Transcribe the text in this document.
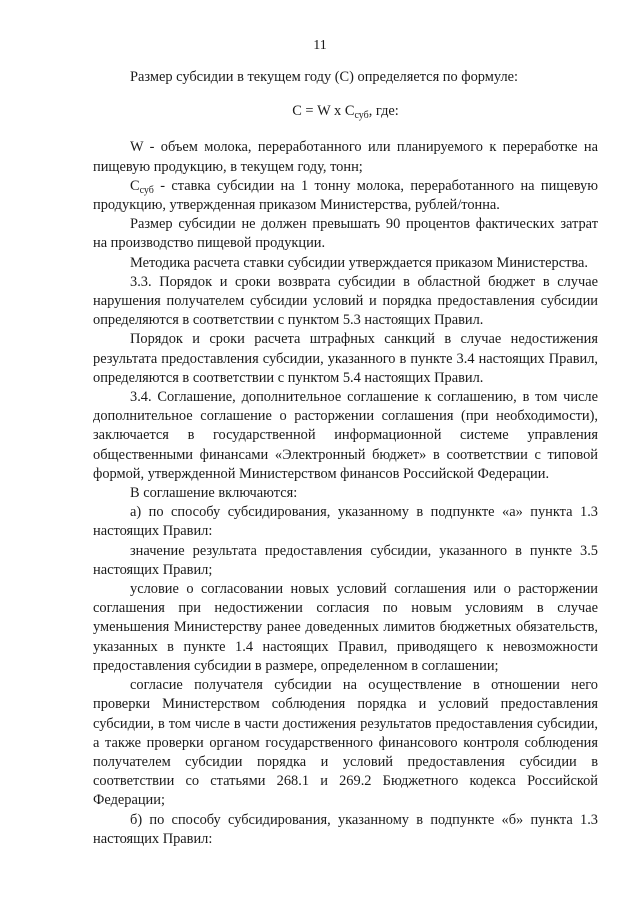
11

Размер субсидии в текущем году (С) определяется по формуле:

С = W x $С_{суб}$, где:

W - объем молока, переработанного или планируемого к переработке на пищевую продукцию, в текущем году, тонн;

$С_{суб}$ - ставка субсидии на 1 тонну молока, переработанного на пищевую продукцию, утвержденная приказом Министерства, рублей/тонна.

Размер субсидии не должен превышать 90 процентов фактических затрат на производство пищевой продукции.

Методика расчета ставки субсидии утверждается приказом Министерства.

3.3. Порядок и сроки возврата субсидии в областной бюджет в случае нарушения получателем субсидии условий и порядка предоставления субсидии определяются в соответствии с пунктом 5.3 настоящих Правил.

Порядок и сроки расчета штрафных санкций в случае недостижения результата предоставления субсидии, указанного в пункте 3.4 настоящих Правил, определяются в соответствии с пунктом 5.4 настоящих Правил.

3.4. Соглашение, дополнительное соглашение к соглашению, в том числе дополнительное соглашение о расторжении соглашения (при необходимости), заключается в государственной информационной системе управления общественными финансами «Электронный бюджет» в соответствии с типовой формой, утвержденной Министерством финансов Российской Федерации.

В соглашение включаются:

а) по способу субсидирования, указанному в подпункте «а» пункта 1.3 настоящих Правил:

значение результата предоставления субсидии, указанного в пункте 3.5 настоящих Правил;

условие о согласовании новых условий соглашения или о расторжении соглашения при недостижении согласия по новым условиям в случае уменьшения Министерству ранее доведенных лимитов бюджетных обязательств, указанных в пункте 1.4 настоящих Правил, приводящего к невозможности предоставления субсидии в размере, определенном в соглашении;

согласие получателя субсидии на осуществление в отношении него проверки Министерством соблюдения порядка и условий предоставления субсидии, в том числе в части достижения результатов предоставления субсидии, а также проверки органом государственного финансового контроля соблюдения получателем субсидии порядка и условий предоставления субсидии в соответствии со статьями 268.1 и 269.2 Бюджетного кодекса Российской Федерации;

б) по способу субсидирования, указанному в подпункте «б» пункта 1.3 настоящих Правил:
